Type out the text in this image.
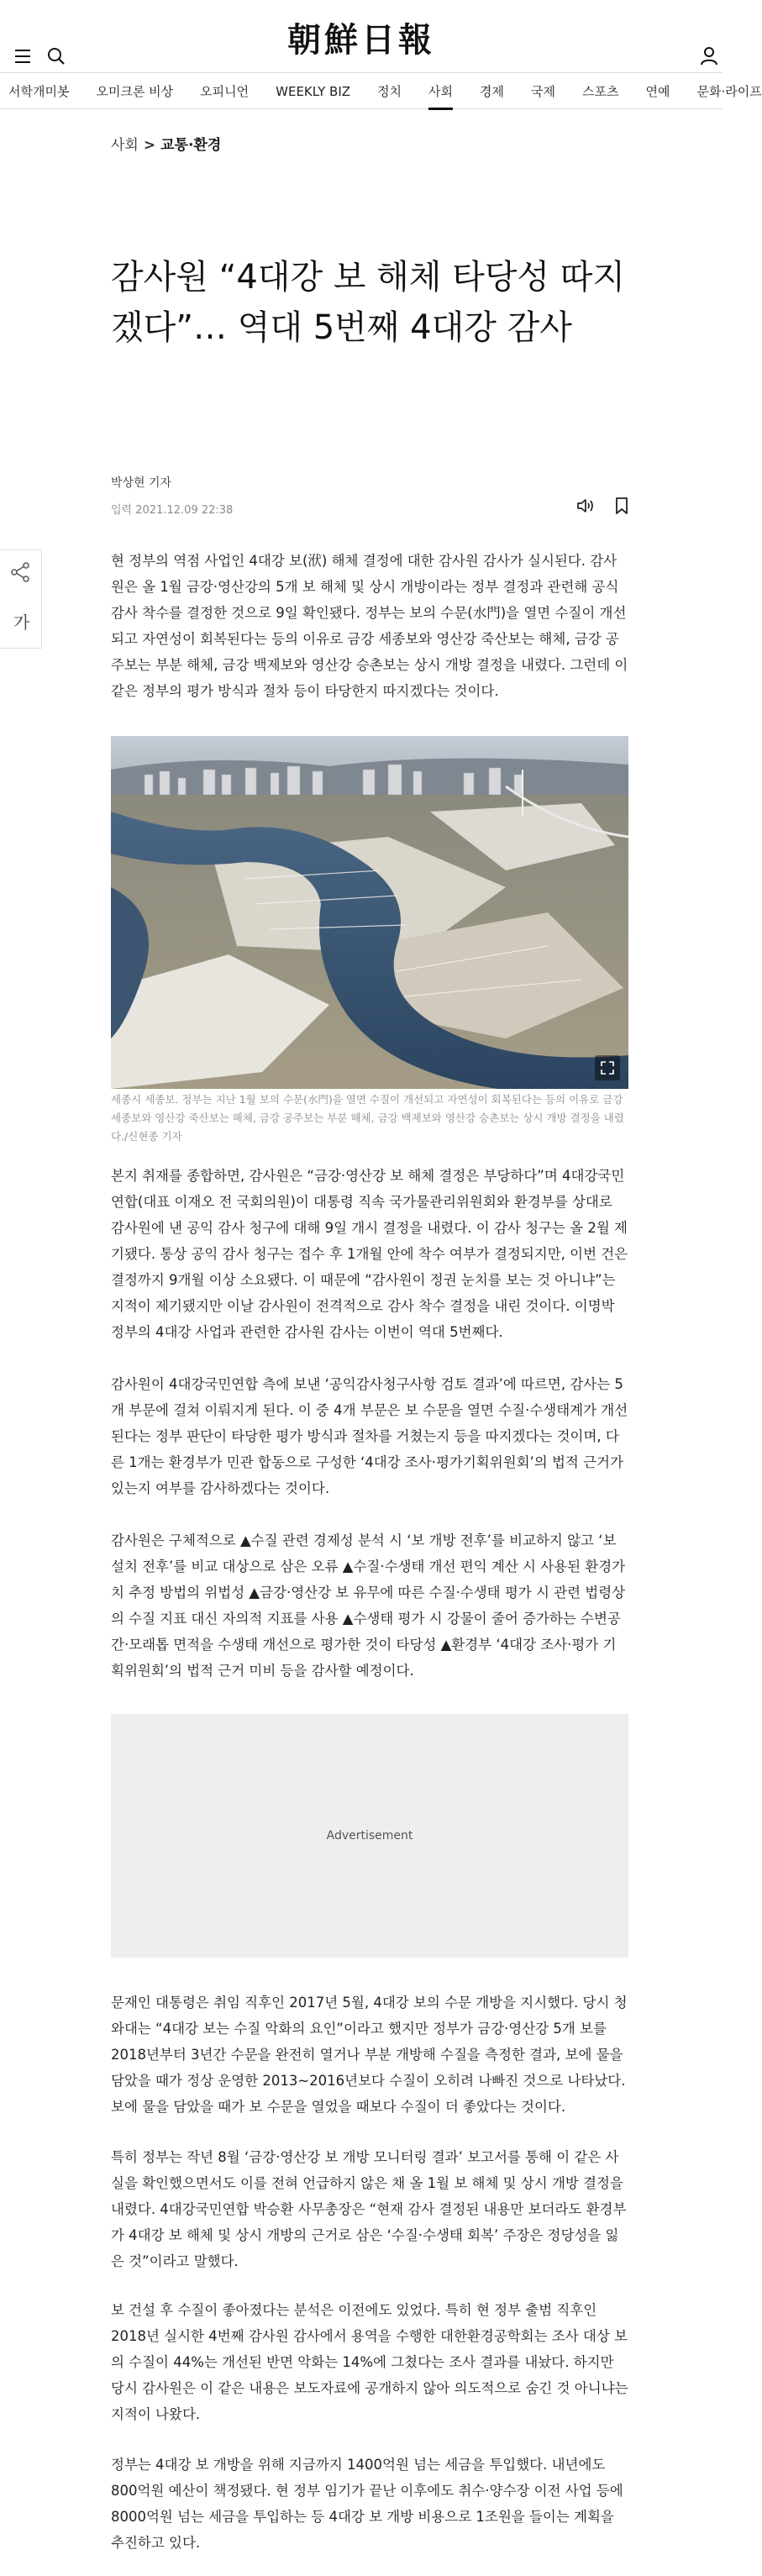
朝鮮日報
서학개미봇 오미크론 비상 오피니언 WEEKLY BIZ 정치 사회 경제 국제 스포츠 연예 문화·라이프
사회 > 교통·환경
감사원 “4대강 보 해체 타당성 따지겠다”… 역대 5번째 4대강 감사
박상현 기자
입력 2021.12.09 22:38
가

현 정부의 역점 사업인 4대강 보(洑) 해체 결정에 대한 감사원 감사가 실시된다. 감사원은 올 1월 금강·영산강의 5개 보 해체 및 상시 개방이라는 정부 결정과 관련해 공식 감사 착수를 결정한 것으로 9일 확인됐다. 정부는 보의 수문(水門)을 열면 수질이 개선되고 자연성이 회복된다는 등의 이유로 금강 세종보와 영산강 죽산보는 해체, 금강 공주보는 부분 해체, 금강 백제보와 영산강 승촌보는 상시 개방 결정을 내렸다. 그런데 이 같은 정부의 평가 방식과 절차 등이 타당한지 따지겠다는 것이다.

세종시 세종보. 정부는 지난 1월 보의 수문(水門)을 열면 수질이 개선되고 자연성이 회복된다는 등의 이유로 금강 세종보와 영산강 죽산보는 해체, 금강 공주보는 부분 해체, 금강 백제보와 영산강 승촌보는 상시 개방 결정을 내렸다./신현종 기자

본지 취재를 종합하면, 감사원은 “금강·영산강 보 해체 결정은 부당하다”며 4대강국민연합(대표 이재오 전 국회의원)이 대통령 직속 국가물관리위원회와 환경부를 상대로 감사원에 낸 공익 감사 청구에 대해 9일 개시 결정을 내렸다. 이 감사 청구는 올 2월 제기됐다. 통상 공익 감사 청구는 접수 후 1개월 안에 착수 여부가 결정되지만, 이번 건은 결정까지 9개월 이상 소요됐다. 이 때문에 “감사원이 정권 눈치를 보는 것 아니냐”는 지적이 제기됐지만 이날 감사원이 전격적으로 감사 착수 결정을 내린 것이다. 이명박 정부의 4대강 사업과 관련한 감사원 감사는 이번이 역대 5번째다.

감사원이 4대강국민연합 측에 보낸 ‘공익감사청구사항 검토 결과’에 따르면, 감사는 5개 부문에 걸쳐 이뤄지게 된다. 이 중 4개 부문은 보 수문을 열면 수질·수생태계가 개선된다는 정부 판단이 타당한 평가 방식과 절차를 거쳤는지 등을 따지겠다는 것이며, 다른 1개는 환경부가 민관 합동으로 구성한 ‘4대강 조사·평가기획위원회’의 법적 근거가 있는지 여부를 감사하겠다는 것이다.

감사원은 구체적으로 ▲수질 관련 경제성 분석 시 ‘보 개방 전후’를 비교하지 않고 ‘보 설치 전후’를 비교 대상으로 삼은 오류 ▲수질·수생태 개선 편익 계산 시 사용된 환경가치 추정 방법의 위법성 ▲금강·영산강 보 유무에 따른 수질·수생태 평가 시 관련 법령상의 수질 지표 대신 자의적 지표를 사용 ▲수생태 평가 시 강물이 줄어 증가하는 수변공간·모래톱 면적을 수생태 개선으로 평가한 것이 타당성 ▲환경부 ‘4대강 조사·평가 기획위원회’의 법적 근거 미비 등을 감사할 예정이다.

Advertisement

문재인 대통령은 취임 직후인 2017년 5월, 4대강 보의 수문 개방을 지시했다. 당시 청와대는 “4대강 보는 수질 악화의 요인”이라고 했지만 정부가 금강·영산강 5개 보를 2018년부터 3년간 수문을 완전히 열거나 부분 개방해 수질을 측정한 결과, 보에 물을 담았을 때가 정상 운영한 2013~2016년보다 수질이 오히려 나빠진 것으로 나타났다. 보에 물을 담았을 때가 보 수문을 열었을 때보다 수질이 더 좋았다는 것이다.

특히 정부는 작년 8월 ‘금강·영산강 보 개방 모니터링 결과’ 보고서를 통해 이 같은 사실을 확인했으면서도 이를 전혀 언급하지 않은 채 올 1월 보 해체 및 상시 개방 결정을 내렸다. 4대강국민연합 박승환 사무총장은 “현재 감사 결정된 내용만 보더라도 환경부가 4대강 보 해체 및 상시 개방의 근거로 삼은 ‘수질·수생태 회복’ 주장은 정당성을 잃은 것”이라고 말했다.

보 건설 후 수질이 좋아졌다는 분석은 이전에도 있었다. 특히 현 정부 출범 직후인 2018년 실시한 4번째 감사원 감사에서 용역을 수행한 대한환경공학회는 조사 대상 보의 수질이 44%는 개선된 반면 악화는 14%에 그쳤다는 조사 결과를 내놨다. 하지만 당시 감사원은 이 같은 내용은 보도자료에 공개하지 않아 의도적으로 숨긴 것 아니냐는 지적이 나왔다.

정부는 4대강 보 개방을 위해 지금까지 1400억원 넘는 세금을 투입했다. 내년에도 800억원 예산이 책정됐다. 현 정부 임기가 끝난 이후에도 취수·양수장 이전 사업 등에 8000억원 넘는 세금을 투입하는 등 4대강 보 개방 비용으로 1조원을 들이는 계획을 추진하고 있다.
